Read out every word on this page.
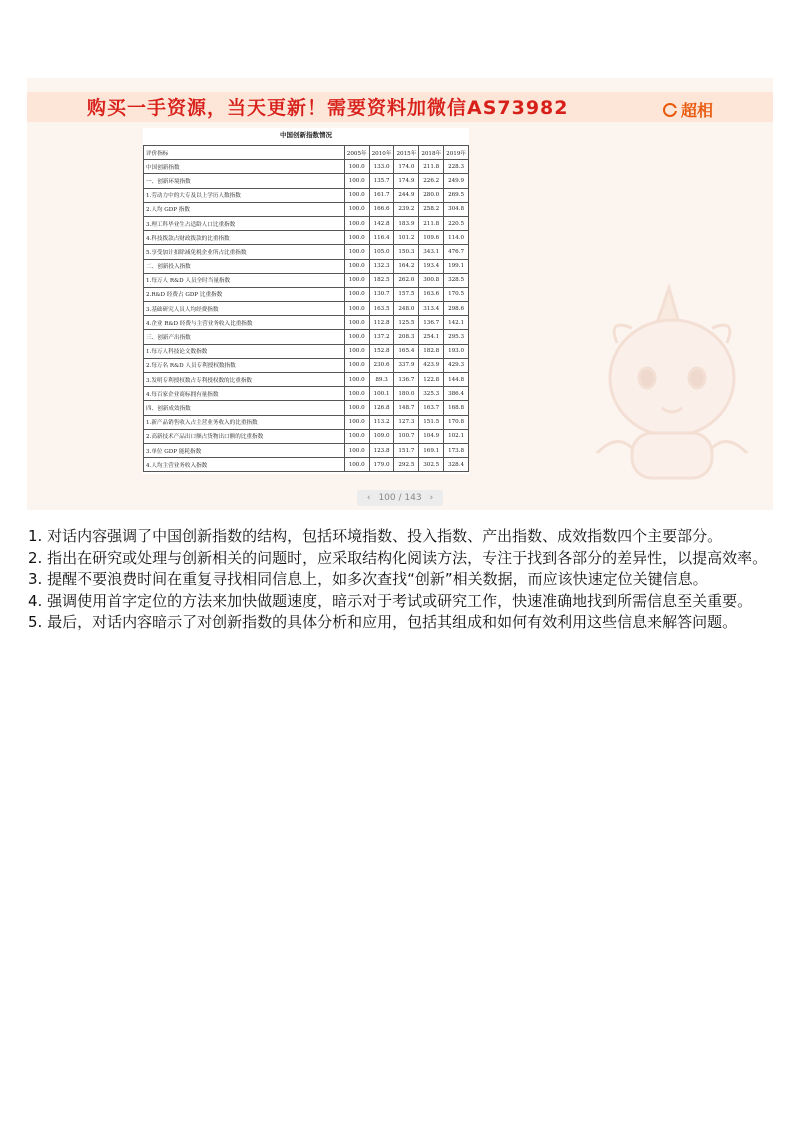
购买一手资源，当天更新！需要资料加微信AS73982	超相
中国创新指数情况
评价指标	2005年	2010年	2015年	2018年	2019年
中国创新指数	100.0	133.0	174.0	211.8	228.3
一、创新环境指数	100.0	135.7	174.9	226.2	249.9
1.劳动力中的大专及以上学历人数指数	100.0	161.7	244.9	280.0	269.5
2.人均 GDP 指数	100.0	166.6	239.2	258.2	304.8
3.理工科毕业生占适龄人口比重指数	100.0	142.8	183.9	211.8	220.5
4.科技拨款占财政拨款的比重指数	100.0	116.4	101.2	109.6	114.0
5.享受加计扣除减免税企业所占比重指数	100.0	105.0	150.3	343.1	476.7
二、创新投入指数	100.0	132.3	164.2	193.4	199.1
1.每万人 R&D 人员全时当量指数	100.0	182.5	262.0	300.8	328.5
2.R&D 经费占 GDP 比重指数	100.0	130.7	157.5	163.6	170.5
3.基础研究人员人均经费指数	100.0	163.5	248.0	313.4	298.6
4.企业 R&D 经费与主营业务收入比重指数	100.0	112.8	125.5	136.7	142.1
三、创新产出指数	100.0	137.2	208.3	254.1	295.3
1.每万人科技论文数指数	100.0	152.8	165.4	182.8	193.0
2.每万名 R&D 人员专利授权数指数	100.0	230.6	337.9	423.9	429.3
3.发明专利授权数占专利授权数的比重指数	100.0	89.3	136.7	122.8	144.8
4.每百家企业商标拥有量指数	100.0	100.1	180.0	325.3	386.4
四、创新成效指数	100.0	126.8	148.7	163.7	168.8
1.新产品销售收入占主营业务收入的比重指数	100.0	113.2	127.3	151.5	170.8
2.高新技术产品出口额占货物出口额的比重指数	100.0	109.0	100.7	104.9	102.1
3.单位 GDP 能耗指数	100.0	123.8	151.7	169.1	173.8
4.人均主营业务收入指数	100.0	179.0	292.5	302.5	328.4
‹ 100 / 143 ›

1. 对话内容强调了中国创新指数的结构，包括环境指数、投入指数、产出指数、成效指数四个主要部分。

2. 指出在研究或处理与创新相关的问题时，应采取结构化阅读方法，专注于找到各部分的差异性，以提高效率。

3. 提醒不要浪费时间在重复寻找相同信息上，如多次查找“创新”相关数据，而应该快速定位关键信息。

4. 强调使用首字定位的方法来加快做题速度，暗示对于考试或研究工作，快速准确地找到所需信息至关重要。

5. 最后，对话内容暗示了对创新指数的具体分析和应用，包括其组成和如何有效利用这些信息来解答问题。
